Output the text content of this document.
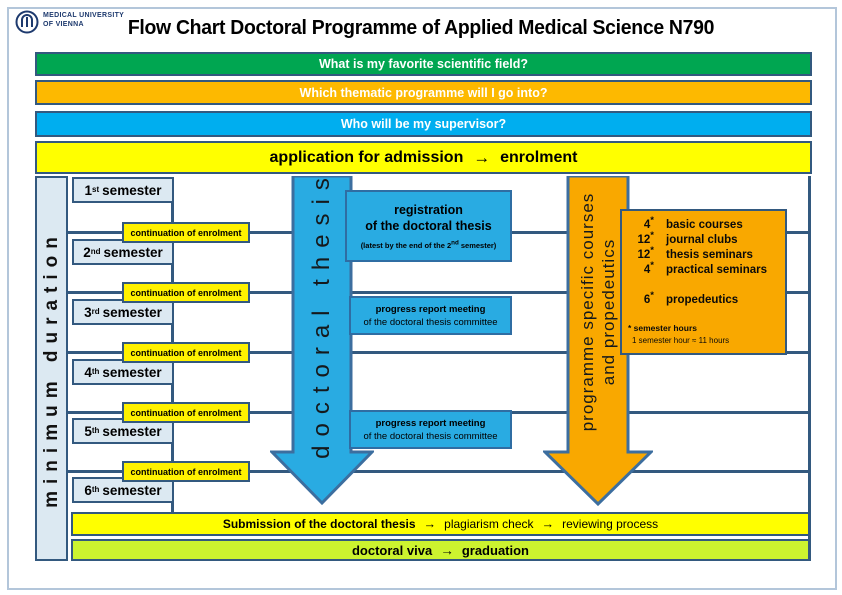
MEDICAL UNIVERSITY
OF VIENNA	Flow Chart Doctoral Programme of Applied Medical Science N790
What is my favorite scientific field?
Which thematic programme will I go into?
Who will be my supervisor?
application for admission → enrolment
minimum duration
1 st semester
2 nd semester
3 rd semester
4 th semester
5 th semester
6 th semester
continuation of enrolment
continuation of enrolment
continuation of enrolment
continuation of enrolment
continuation of enrolment
doctoral thesis	registration
of the doctoral thesis
(latest by the end of the 2nd semester)
progress report meeting
of the doctoral thesis committee
progress report meeting
of the doctoral thesis committee
programme specific courses and propedeutics
4* basic courses
12* journal clubs
12* thesis seminars
4* practical seminars
6* propedeutics
* semester hours
1 semester hour ≈ 11 hours
Submission of the doctoral thesis → plagiarism check → reviewing process
doctoral viva → graduation
